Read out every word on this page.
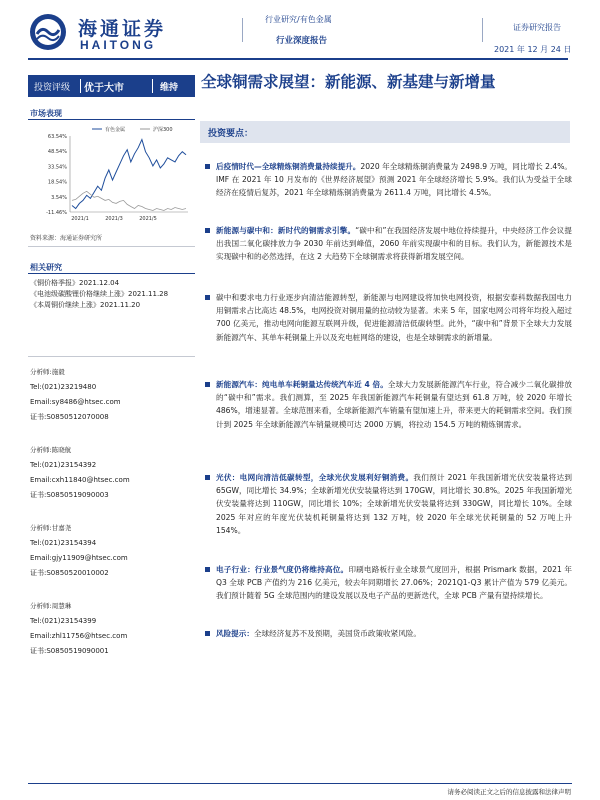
海通证券
HAITONG
行业研究/有色金属
行业深度报告
证券研究报告
2021 年 12 月 24 日
投资评级 优于大市	维持
市场表现
63.54%
48.54%
33.54%
18.54%
3.54%
-11.46%
2021/1	2021/3	2021/5
有色金属	沪深300
资料来源：海通证券研究所
相关研究
《铜价格季报》2021.12.04
《电池级碳酸锂价格继续上涨》2021.11.28
《本周铜价继续上涨》2021.11.20
分析师:施毅
Tel:(021)23219480
Email:sy8486@htsec.com
证书:S0850512070008
分析师:陈晓航
Tel:(021)23154392
Email:cxh11840@htsec.com
证书:S0850519090003
分析师:甘嘉尧
Tel:(021)23154394
Email:gjy11909@htsec.com
证书:S0850520010002
分析师:周慧琳
Tel:(021)23154399
Email:zhl11756@htsec.com
证书:S0850519090001
全球铜需求展望：新能源、新基建与新增量
投资要点：
后疫情时代—全球精炼铜消费量持续提升。2020 年全球精炼铜消费量为 2498.9 万吨，同比增长 2.4%。IMF 在 2021 年 10 月发布的《世界经济展望》预测 2021 年全球经济增长 5.9%。我们认为受益于全球经济在疫情后复苏，2021 年全球精炼铜消费量为 2611.4 万吨，同比增长 4.5%。
新能源与碳中和：新时代的铜需求引擎。“碳中和”在我国经济发展中地位持续提升，中央经济工作会议提出我国二氧化碳排放力争 2030 年前达到峰值，2060 年前实现碳中和的目标。我们认为，新能源技术是实现碳中和的必然选择，在这 2 大趋势下全球铜需求将获得新增发展空间。
碳中和要求电力行业逐步向清洁能源转型，新能源与电网建设将加快电网投资，根据安泰科数据我国电力用铜需求占比高达 48.5%，电网投资对铜用量的拉动较为显著。未来 5 年，国家电网公司将年均投入超过 700 亿美元，推动电网向能源互联网升级，促进能源清洁低碳转型。此外，“碳中和”背景下全球大力发展新能源汽车、其单车耗铜量上升以及充电桩网络的建设，也是全球铜需求的新增量。
新能源汽车：纯电单车耗铜量达传统汽车近 4 倍。全球大力发展新能源汽车行业，符合减少二氧化碳排放的“碳中和”需求。我们测算，至 2025 年我国新能源汽车耗铜量有望达到 61.8 万吨，较 2020 年增长 486%，增速显著。全球范围来看，全球新能源汽车销量有望加速上升，带来更大的耗铜需求空间。我们预计到 2025 年全球新能源汽车销量规模可达 2000 万辆，将拉动 154.5 万吨的精炼铜需求。
光伏：电网向清洁低碳转型，全球光伏发展利好铜消费。我们预计 2021 年我国新增光伏安装量将达到 65GW，同比增长 34.9%；全球新增光伏安装量将达到 170GW，同比增长 30.8%。2025 年我国新增光伏安装量将达到 110GW，同比增长 10%；全球新增光伏安装量将达到 330GW，同比增长 10%。全球 2025 年对应的年度光伏装机耗铜量将达到 132 万吨，较 2020 年全球光伏耗铜量的 52 万吨上升 154%。
电子行业：行业景气度仍将维持高位。印刷电路板行业全球景气度回升，根据 Prismark 数据，2021 年 Q3 全球 PCB 产值约为 216 亿美元，较去年同期增长 27.06%；2021Q1-Q3 累计产值为 579 亿美元。我们预计随着 5G 全球范围内的建设发展以及电子产品的更新迭代，全球 PCB 产量有望持续增长。
风险提示：全球经济复苏不及预期，美国货币政策收紧风险。
请务必阅读正文之后的信息披露和法律声明
